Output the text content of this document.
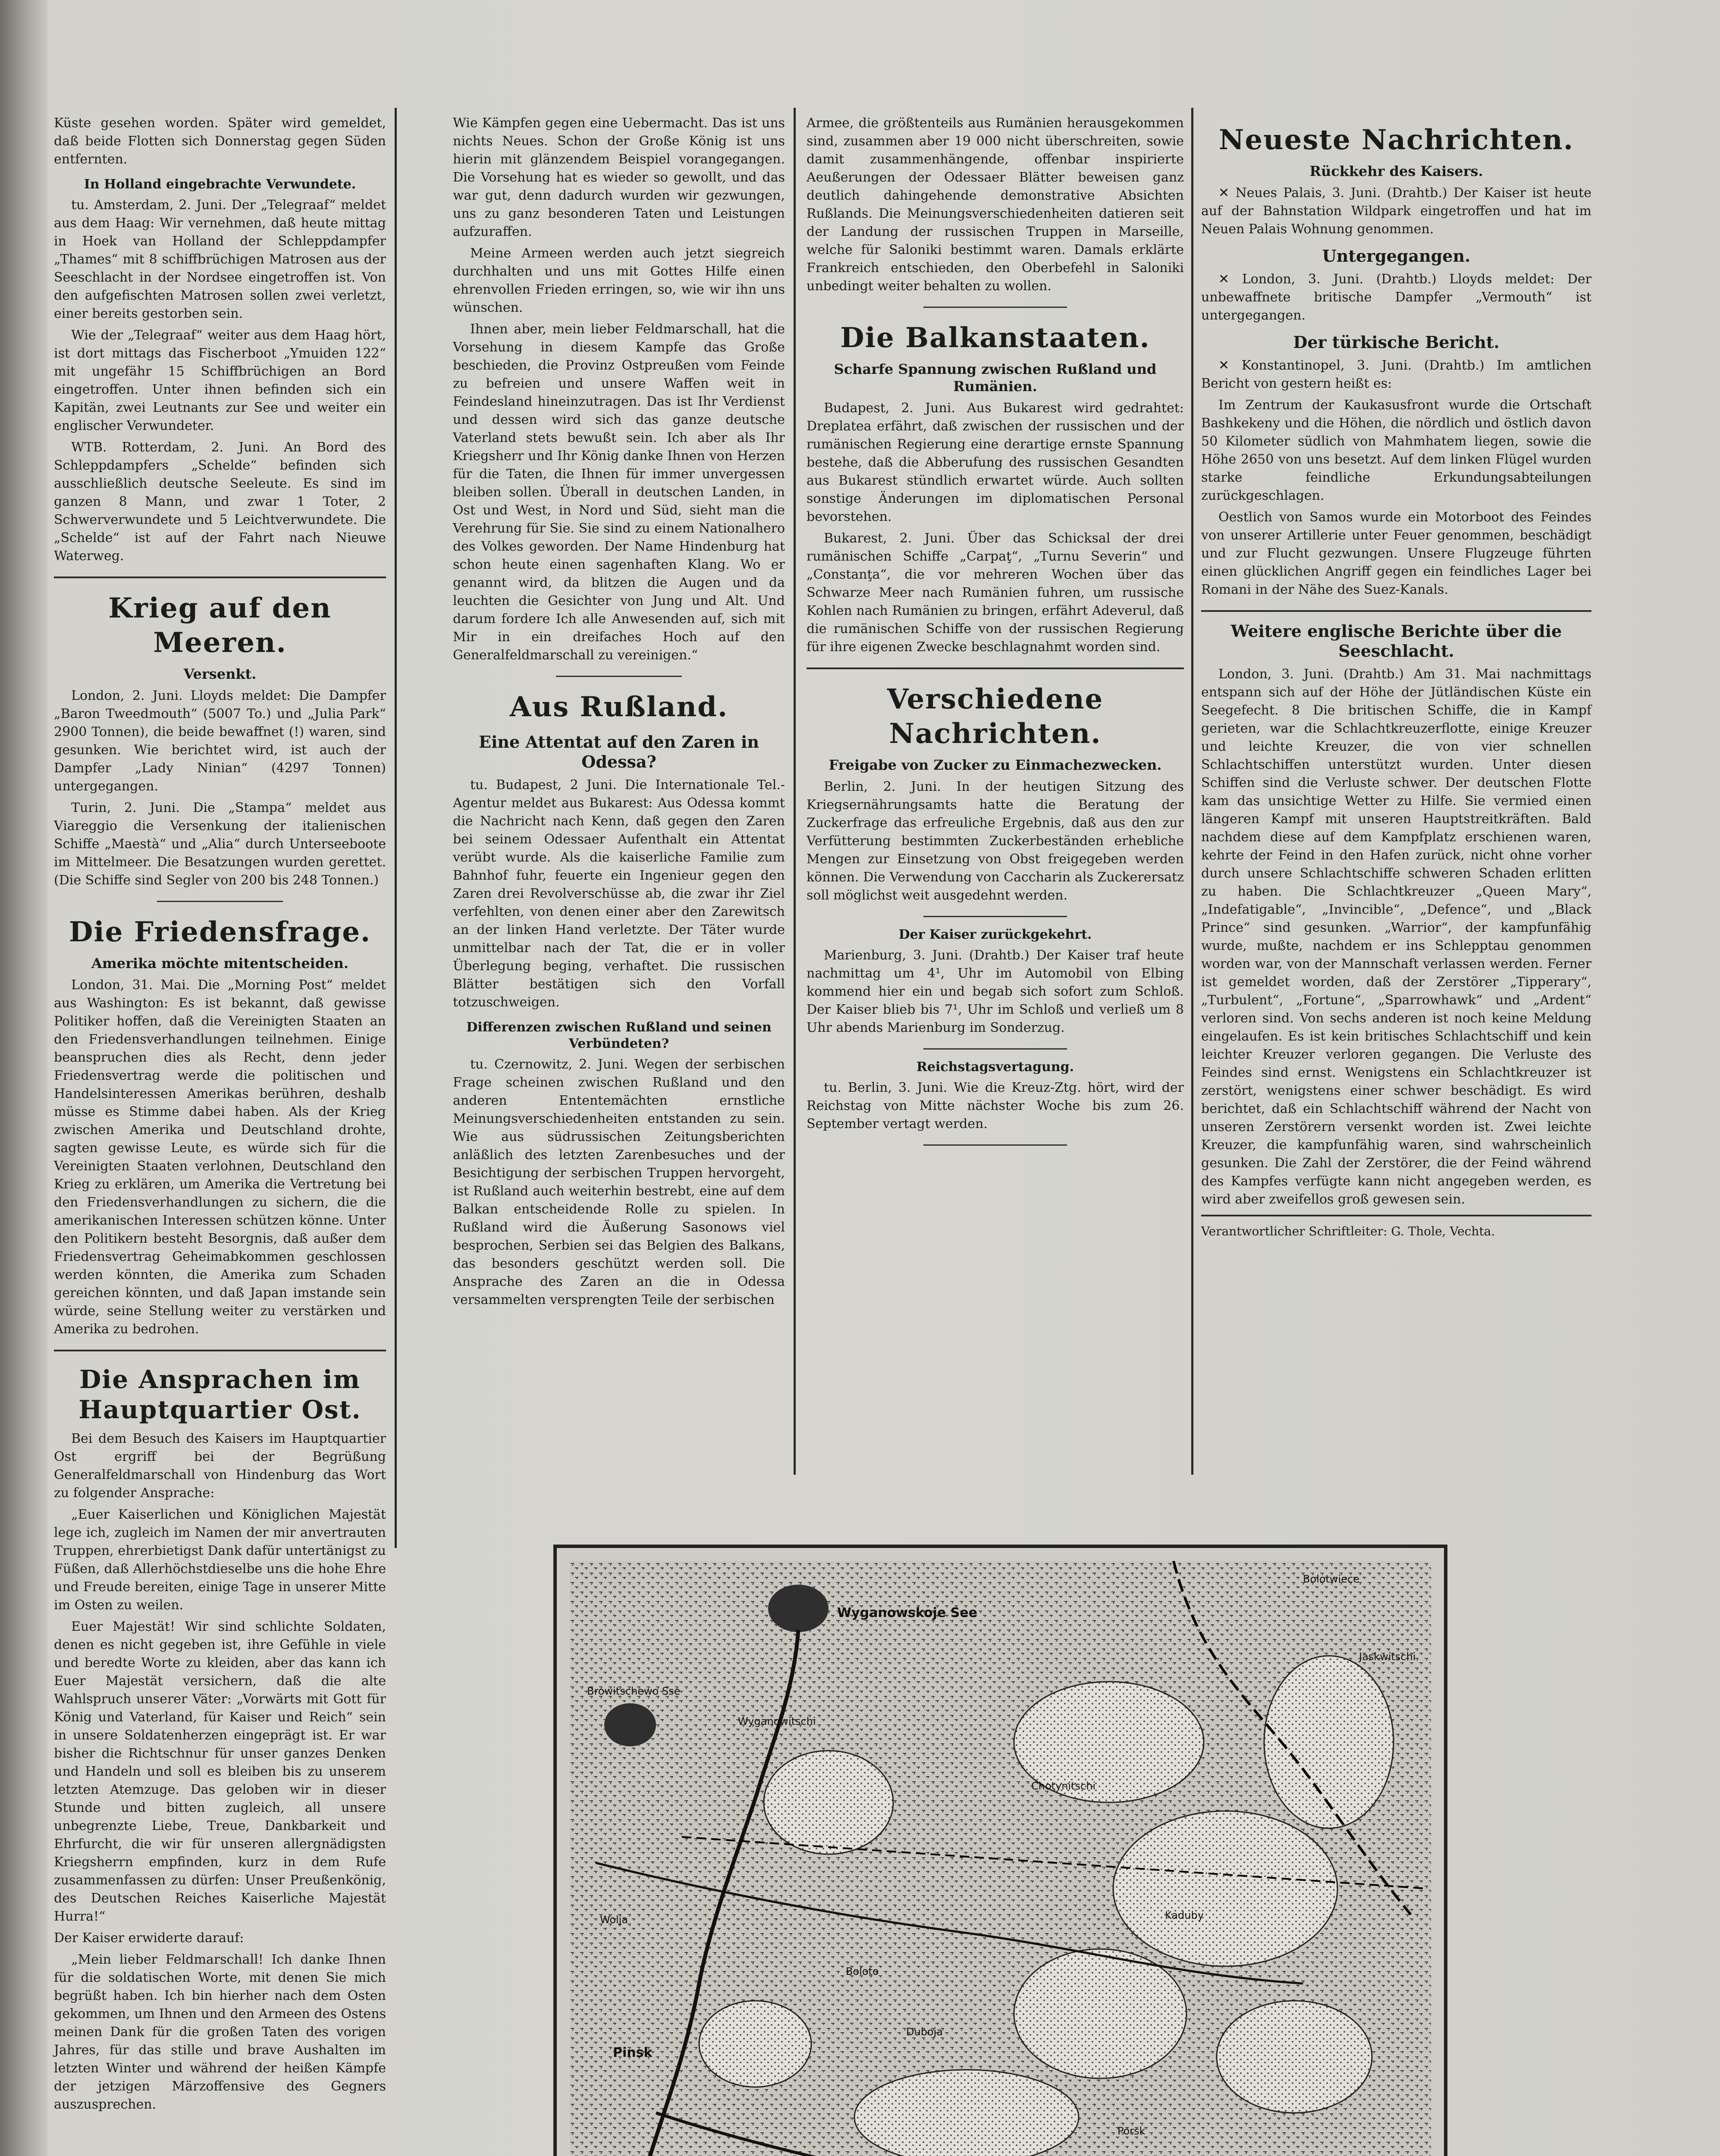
Küste gesehen worden. Später wird gemeldet, daß beide Flotten sich Donnerstag gegen Süden entfernten.

In Holland eingebrachte Verwundete.

tu. Amsterdam, 2. Juni. Der „Telegraaf“ meldet aus dem Haag: Wir vernehmen, daß heute mittag in Hoek van Holland der Schleppdampfer „Thames“ mit 8 schiffbrüchigen Matrosen aus der Seeschlacht in der Nordsee eingetroffen ist. Von den aufgefischten Matrosen sollen zwei verletzt, einer bereits gestorben sein.

Wie der „Telegraaf“ weiter aus dem Haag hört, ist dort mittags das Fischerboot „Ymuiden 122“ mit ungefähr 15 Schiffbrüchigen an Bord eingetroffen. Unter ihnen befinden sich ein Kapitän, zwei Leutnants zur See und weiter ein englischer Verwundeter.

WTB. Rotterdam, 2. Juni. An Bord des Schleppdampfers „Schelde“ befinden sich ausschließlich deutsche Seeleute. Es sind im ganzen 8 Mann, und zwar 1 Toter, 2 Schwerverwundete und 5 Leichtverwundete. Die „Schelde“ ist auf der Fahrt nach Nieuwe Waterweg.

Krieg auf den Meeren.
Versenkt.

London, 2. Juni. Lloyds meldet: Die Dampfer „Baron Tweedmouth“ (5007 To.) und „Julia Park“ 2900 Tonnen), die beide bewaffnet (!) waren, sind gesunken. Wie berichtet wird, ist auch der Dampfer „Lady Ninian“ (4297 Tonnen) untergegangen.

Turin, 2. Juni. Die „Stampa“ meldet aus Viareggio die Versenkung der italienischen Schiffe „Maestà“ und „Alia“ durch Unterseeboote im Mittelmeer. Die Besatzungen wurden gerettet. (Die Schiffe sind Segler von 200 bis 248 Tonnen.)

Die Friedensfrage.
Amerika möchte mitentscheiden.

London, 31. Mai. Die „Morning Post“ meldet aus Washington: Es ist bekannt, daß gewisse Politiker hoffen, daß die Vereinigten Staaten an den Friedensverhandlungen teilnehmen. Einige beanspruchen dies als Recht, denn jeder Friedensvertrag werde die politischen und Handelsinteressen Amerikas berühren, deshalb müsse es Stimme dabei haben. Als der Krieg zwischen Amerika und Deutschland drohte, sagten gewisse Leute, es würde sich für die Vereinigten Staaten verlohnen, Deutschland den Krieg zu erklären, um Amerika die Vertretung bei den Friedensverhandlungen zu sichern, die die amerikanischen Interessen schützen könne. Unter den Politikern besteht Besorgnis, daß außer dem Friedensvertrag Geheimabkommen geschlossen werden könnten, die Amerika zum Schaden gereichen könnten, und daß Japan imstande sein würde, seine Stellung weiter zu verstärken und Amerika zu bedrohen.

Die Ansprachen im Hauptquartier Ost.

Bei dem Besuch des Kaisers im Hauptquartier Ost ergriff bei der Begrüßung Generalfeldmarschall von Hindenburg das Wort zu folgender Ansprache:

„Euer Kaiserlichen und Königlichen Majestät lege ich, zugleich im Namen der mir anvertrauten Truppen, ehrerbietigst Dank dafür untertänigst zu Füßen, daß Allerhöchstdieselbe uns die hohe Ehre und Freude bereiten, einige Tage in unserer Mitte im Osten zu weilen.

Euer Majestät! Wir sind schlichte Soldaten, denen es nicht gegeben ist, ihre Gefühle in viele und beredte Worte zu kleiden, aber das kann ich Euer Majestät versichern, daß die alte Wahlspruch unserer Väter: „Vorwärts mit Gott für König und Vaterland, für Kaiser und Reich“ sein in unsere Soldatenherzen eingeprägt ist. Er war bisher die Richtschnur für unser ganzes Denken und Handeln und soll es bleiben bis zu unserem letzten Atemzuge. Das geloben wir in dieser Stunde und bitten zugleich, all unsere unbegrenzte Liebe, Treue, Dankbarkeit und Ehrfurcht, die wir für unseren allergnädigsten Kriegsherrn empfinden, kurz in dem Rufe zusammenfassen zu dürfen: Unser Preußenkönig, des Deutschen Reiches Kaiserliche Majestät Hurra!“

Der Kaiser erwiderte darauf:

„Mein lieber Feldmarschall! Ich danke Ihnen für die soldatischen Worte, mit denen Sie mich begrüßt haben. Ich bin hierher nach dem Osten gekommen, um Ihnen und den Armeen des Ostens meinen Dank für die großen Taten des vorigen Jahres, für das stille und brave Aushalten im letzten Winter und während der heißen Kämpfe der jetzigen Märzoffensive des Gegners auszusprechen.

Wie Kämpfen gegen eine Uebermacht. Das ist uns nichts Neues. Schon der Große König ist uns hierin mit glänzendem Beispiel vorangegangen. Die Vorsehung hat es wieder so gewollt, und das war gut, denn dadurch wurden wir gezwungen, uns zu ganz besonderen Taten und Leistungen aufzuraffen.

Meine Armeen werden auch jetzt siegreich durchhalten und uns mit Gottes Hilfe einen ehrenvollen Frieden erringen, so, wie wir ihn uns wünschen.

Ihnen aber, mein lieber Feldmarschall, hat die Vorsehung in diesem Kampfe das Große beschieden, die Provinz Ostpreußen vom Feinde zu befreien und unsere Waffen weit in Feindesland hineinzutragen. Das ist Ihr Verdienst und dessen wird sich das ganze deutsche Vaterland stets bewußt sein. Ich aber als Ihr Kriegsherr und Ihr König danke Ihnen von Herzen für die Taten, die Ihnen für immer unvergessen bleiben sollen. Überall in deutschen Landen, in Ost und West, in Nord und Süd, sieht man die Verehrung für Sie. Sie sind zu einem Nationalhero des Volkes geworden. Der Name Hindenburg hat schon heute einen sagenhaften Klang. Wo er genannt wird, da blitzen die Augen und da leuchten die Gesichter von Jung und Alt. Und darum fordere Ich alle Anwesenden auf, sich mit Mir in ein dreifaches Hoch auf den Generalfeldmarschall zu vereinigen.“

Aus Rußland.
Eine Attentat auf den Zaren in Odessa?

tu. Budapest, 2 Juni. Die Internationale Tel.-Agentur meldet aus Bukarest: Aus Odessa kommt die Nachricht nach Kenn, daß gegen den Zaren bei seinem Odessaer Aufenthalt ein Attentat verübt wurde. Als die kaiserliche Familie zum Bahnhof fuhr, feuerte ein Ingenieur gegen den Zaren drei Revolverschüsse ab, die zwar ihr Ziel verfehlten, von denen einer aber den Zarewitsch an der linken Hand verletzte. Der Täter wurde unmittelbar nach der Tat, die er in voller Überlegung beging, verhaftet. Die russischen Blätter bestätigen sich den Vorfall totzuschweigen.

Differenzen zwischen Rußland und seinen Verbündeten?

tu. Czernowitz, 2. Juni. Wegen der serbischen Frage scheinen zwischen Rußland und den anderen Ententemächten ernstliche Meinungsverschiedenheiten entstanden zu sein. Wie aus südrussischen Zeitungsberichten anläßlich des letzten Zarenbesuches und der Besichtigung der serbischen Truppen hervorgeht, ist Rußland auch weiterhin bestrebt, eine auf dem Balkan entscheidende Rolle zu spielen. In Rußland wird die Äußerung Sasonows viel besprochen, Serbien sei das Belgien des Balkans, das besonders geschützt werden soll. Die Ansprache des Zaren an die in Odessa versammelten versprengten Teile der serbischen

Armee, die größtenteils aus Rumänien herausgekommen sind, zusammen aber 19 000 nicht überschreiten, sowie damit zusammenhängende, offenbar inspirierte Aeußerungen der Odessaer Blätter beweisen ganz deutlich dahingehende demonstrative Absichten Rußlands. Die Meinungsverschiedenheiten datieren seit der Landung der russischen Truppen in Marseille, welche für Saloniki bestimmt waren. Damals erklärte Frankreich entschieden, den Oberbefehl in Saloniki unbedingt weiter behalten zu wollen.

Die Balkanstaaten.
Scharfe Spannung zwischen Rußland und Rumänien.

Budapest, 2. Juni. Aus Bukarest wird gedrahtet: Dreplatea erfährt, daß zwischen der russischen und der rumänischen Regierung eine derartige ernste Spannung bestehe, daß die Abberufung des russischen Gesandten aus Bukarest stündlich erwartet würde. Auch sollten sonstige Änderungen im diplomatischen Personal bevorstehen.

Bukarest, 2. Juni. Über das Schicksal der drei rumänischen Schiffe „Carpaţ“, „Turnu Severin“ und „Constanţa“, die vor mehreren Wochen über das Schwarze Meer nach Rumänien fuhren, um russische Kohlen nach Rumänien zu bringen, erfährt Adeverul, daß die rumänischen Schiffe von der russischen Regierung für ihre eigenen Zwecke beschlagnahmt worden sind.

Verschiedene Nachrichten.
Freigabe von Zucker zu Einmachezwecken.

Berlin, 2. Juni. In der heutigen Sitzung des Kriegsernährungsamts hatte die Beratung der Zuckerfrage das erfreuliche Ergebnis, daß aus den zur Verfütterung bestimmten Zuckerbeständen erhebliche Mengen zur Einsetzung von Obst freigegeben werden können. Die Verwendung von Caccharin als Zuckerersatz soll möglichst weit ausgedehnt werden.

Der Kaiser zurückgekehrt.

Marienburg, 3. Juni. (Drahtb.) Der Kaiser traf heute nachmittag um 4¹, Uhr im Automobil von Elbing kommend hier ein und begab sich sofort zum Schloß. Der Kaiser blieb bis 7¹, Uhr im Schloß und verließ um 8 Uhr abends Marienburg im Sonderzug.

Reichstagsvertagung.

tu. Berlin, 3. Juni. Wie die Kreuz-Ztg. hört, wird der Reichstag von Mitte nächster Woche bis zum 26. September vertagt werden.

Neueste Nachrichten.
Rückkehr des Kaisers.

✕ Neues Palais, 3. Juni. (Drahtb.) Der Kaiser ist heute auf der Bahnstation Wildpark eingetroffen und hat im Neuen Palais Wohnung genommen.

Untergegangen.

✕ London, 3. Juni. (Drahtb.) Lloyds meldet: Der unbewaffnete britische Dampfer „Vermouth“ ist untergegangen.

Der türkische Bericht.

✕ Konstantinopel, 3. Juni. (Drahtb.) Im amtlichen Bericht von gestern heißt es:

Im Zentrum der Kaukasusfront wurde die Ortschaft Bashkekeny und die Höhen, die nördlich und östlich davon 50 Kilometer südlich von Mahmhatem liegen, sowie die Höhe 2650 von uns besetzt. Auf dem linken Flügel wurden starke feindliche Erkundungsabteilungen zurückgeschlagen.

Oestlich von Samos wurde ein Motorboot des Feindes von unserer Artillerie unter Feuer genommen, beschädigt und zur Flucht gezwungen. Unsere Flugzeuge führten einen glücklichen Angriff gegen ein feindliches Lager bei Romani in der Nähe des Suez-Kanals.

Weitere englische Berichte über die Seeschlacht.

London, 3. Juni. (Drahtb.) Am 31. Mai nachmittags entspann sich auf der Höhe der Jütländischen Küste ein Seegefecht. 8 Die britischen Schiffe, die in Kampf gerieten, war die Schlachtkreuzerflotte, einige Kreuzer und leichte Kreuzer, die von vier schnellen Schlachtschiffen unterstützt wurden. Unter diesen Schiffen sind die Verluste schwer. Der deutschen Flotte kam das unsichtige Wetter zu Hilfe. Sie vermied einen längeren Kampf mit unseren Hauptstreitkräften. Bald nachdem diese auf dem Kampfplatz erschienen waren, kehrte der Feind in den Hafen zurück, nicht ohne vorher durch unsere Schlachtschiffe schweren Schaden erlitten zu haben. Die Schlachtkreuzer „Queen Mary“, „Indefatigable“, „Invincible“, „Defence“, und „Black Prince“ sind gesunken. „Warrior“, der kampfunfähig wurde, mußte, nachdem er ins Schlepptau genommen worden war, von der Mannschaft verlassen werden. Ferner ist gemeldet worden, daß der Zerstörer „Tipperary“, „Turbulent“, „Fortune“, „Sparrowhawk“ und „Ardent“ verloren sind. Von sechs anderen ist noch keine Meldung eingelaufen. Es ist kein britisches Schlachtschiff und kein leichter Kreuzer verloren gegangen. Die Verluste des Feindes sind ernst. Wenigstens ein Schlachtkreuzer ist zerstört, wenigstens einer schwer beschädigt. Es wird berichtet, daß ein Schlachtschiff während der Nacht von unseren Zerstörern versenkt worden ist. Zwei leichte Kreuzer, die kampfunfähig waren, sind wahrscheinlich gesunken. Die Zahl der Zerstörer, die der Feind während des Kampfes verfügte kann nicht angegeben werden, es wird aber zweifellos groß gewesen sein.

Verantwortlicher Schriftleiter: G. Thole, Vechta.
Wyganowskoje See
Browitschewo Sse
Wyganowitschi
Chotynitschi
Bolotwiece
Kaduby
Wolja
Boloto
Pinsk
Porsk
Duboja
Jaskwitschi
